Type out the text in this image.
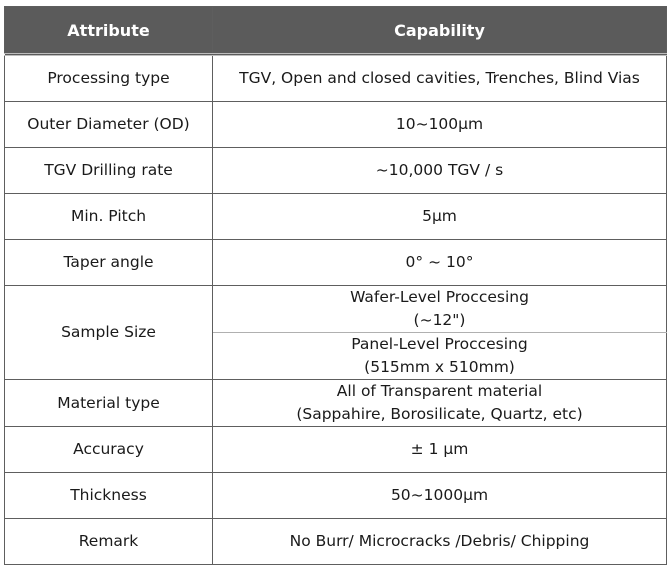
Attribute	Capability
Processing type	TGV, Open and closed cavities, Trenches, Blind Vias
Outer Diameter (OD)	10~100µm
TGV Drilling rate	~10,000 TGV / s
Min. Pitch	5µm
Taper angle	0° ~ 10°
Sample Size	Wafer-Level Proccesing
(~12")

	Panel-Level Proccesing
(515mm x 510mm)

Material type	All of Transparent material
(Sappahire, Borosilicate, Quartz, etc)

Accuracy	± 1 µm
Thickness	50~1000µm
Remark	No Burr/ Microcracks /Debris/ Chipping
